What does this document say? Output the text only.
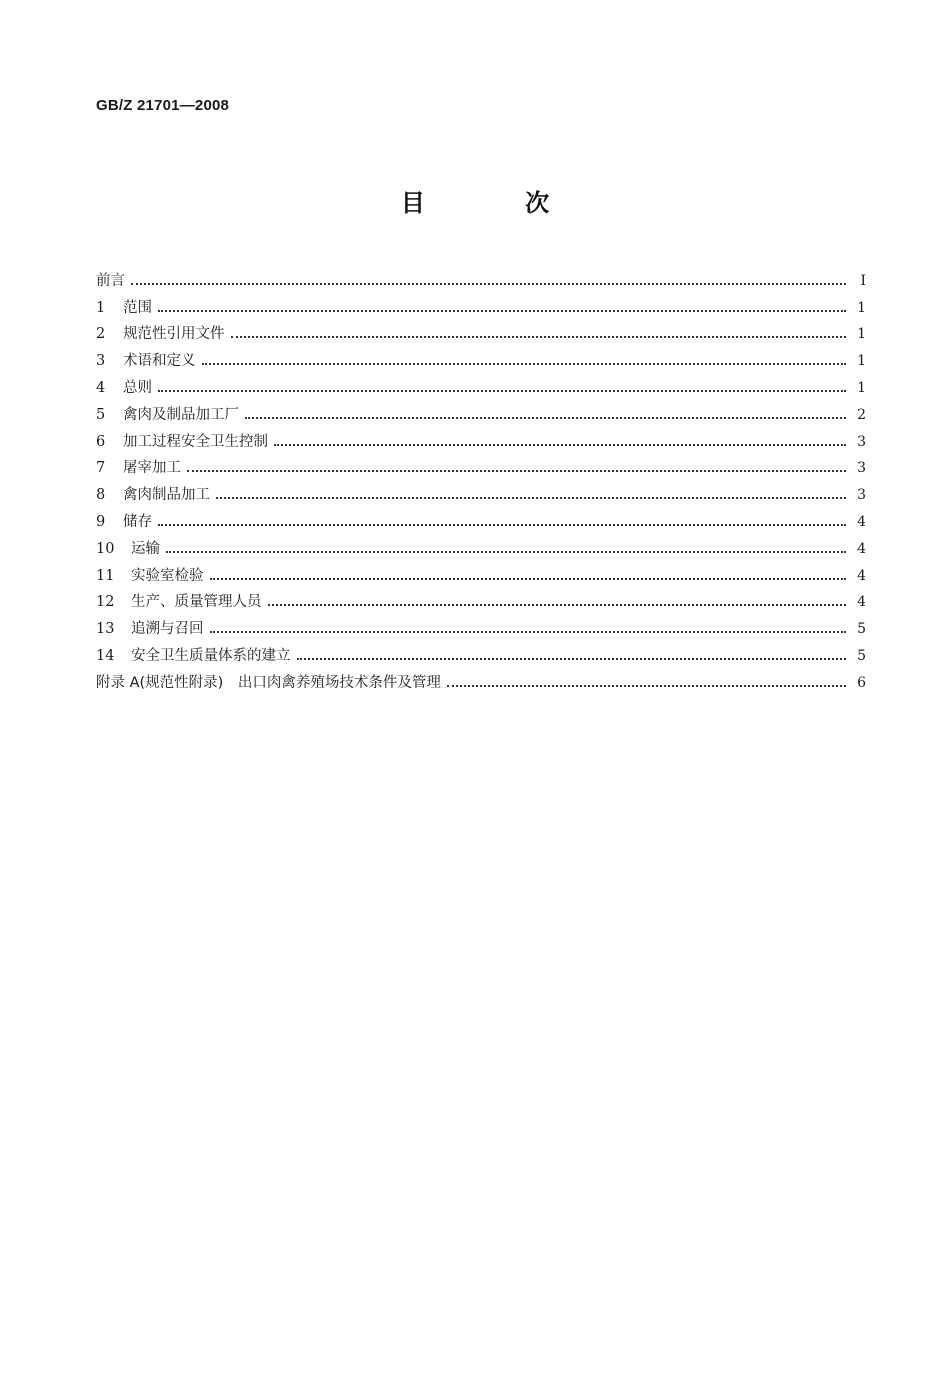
GB/Z 21701—2008
目 次
前言	Ⅰ
1 范围	1
2 规范性引用文件	1
3 术语和定义	1
4 总则	1
5 禽肉及制品加工厂	2
6 加工过程安全卫生控制	3
7 屠宰加工	3
8 禽肉制品加工	3
9 储存	4
10 运输	4
11 实验室检验	4
12 生产、质量管理人员	4
13 追溯与召回	5
14 安全卫生质量体系的建立	5
附录 A(规范性附录)　出口肉禽养殖场技术条件及管理	6
